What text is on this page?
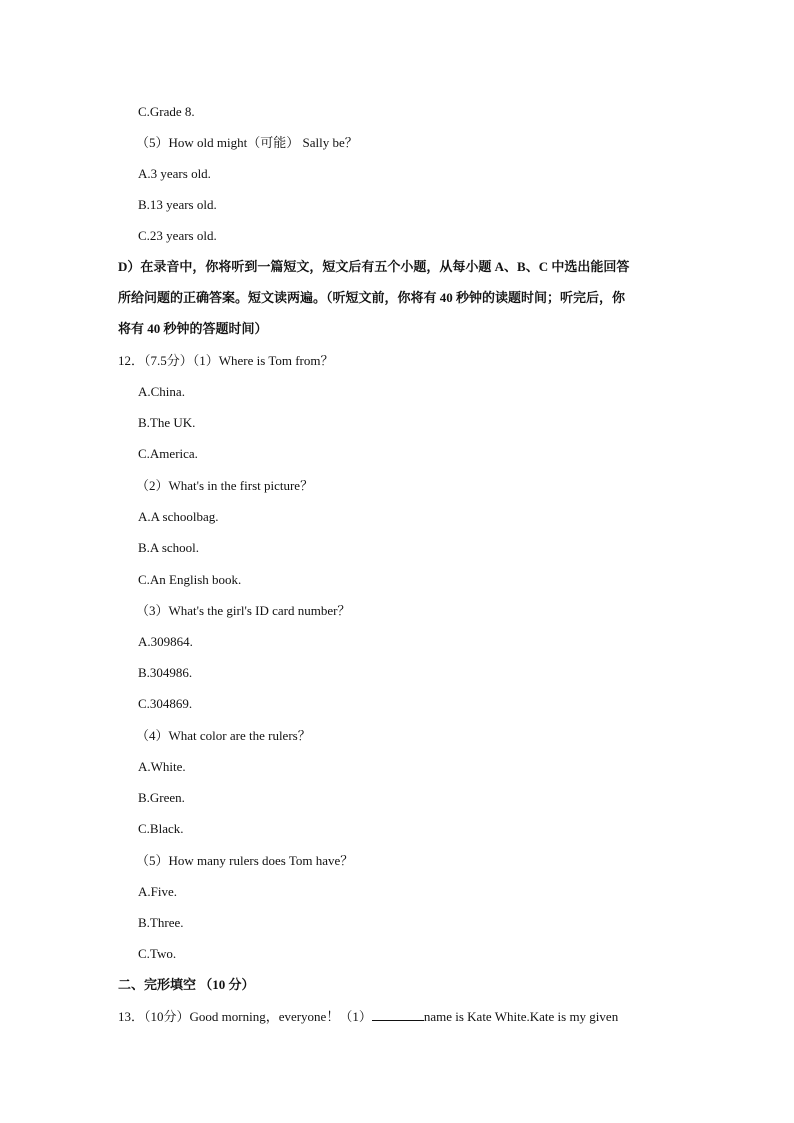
C.Grade 8.
（5）How old might（可能） Sally be？
A.3 years old.
B.13 years old.
C.23 years old.
D）在录音中，你将听到一篇短文，短文后有五个小题，从每小题 A、B、C 中选出能回答
所给问题的正确答案。短文读两遍。（听短文前，你将有 40 秒钟的读题时间；听完后，你
将有 40 秒钟的答题时间）
12．（7.5分）（1）Where is Tom from？
A.China.
B.The UK.
C.America.
（2）What's in the first picture？
A.A schoolbag.
B.A school.
C.An English book.
（3）What's the girl's ID card number？
A.309864.
B.304986.
C.304869.
（4）What color are the rulers？
A.White.
B.Green.
C.Black.
（5）How many rulers does Tom have？
A.Five.
B.Three.
C.Two.
二、完形填空 （10 分）
13．（10分）Good morning，everyone！（1）	name is Kate White.Kate is my given
